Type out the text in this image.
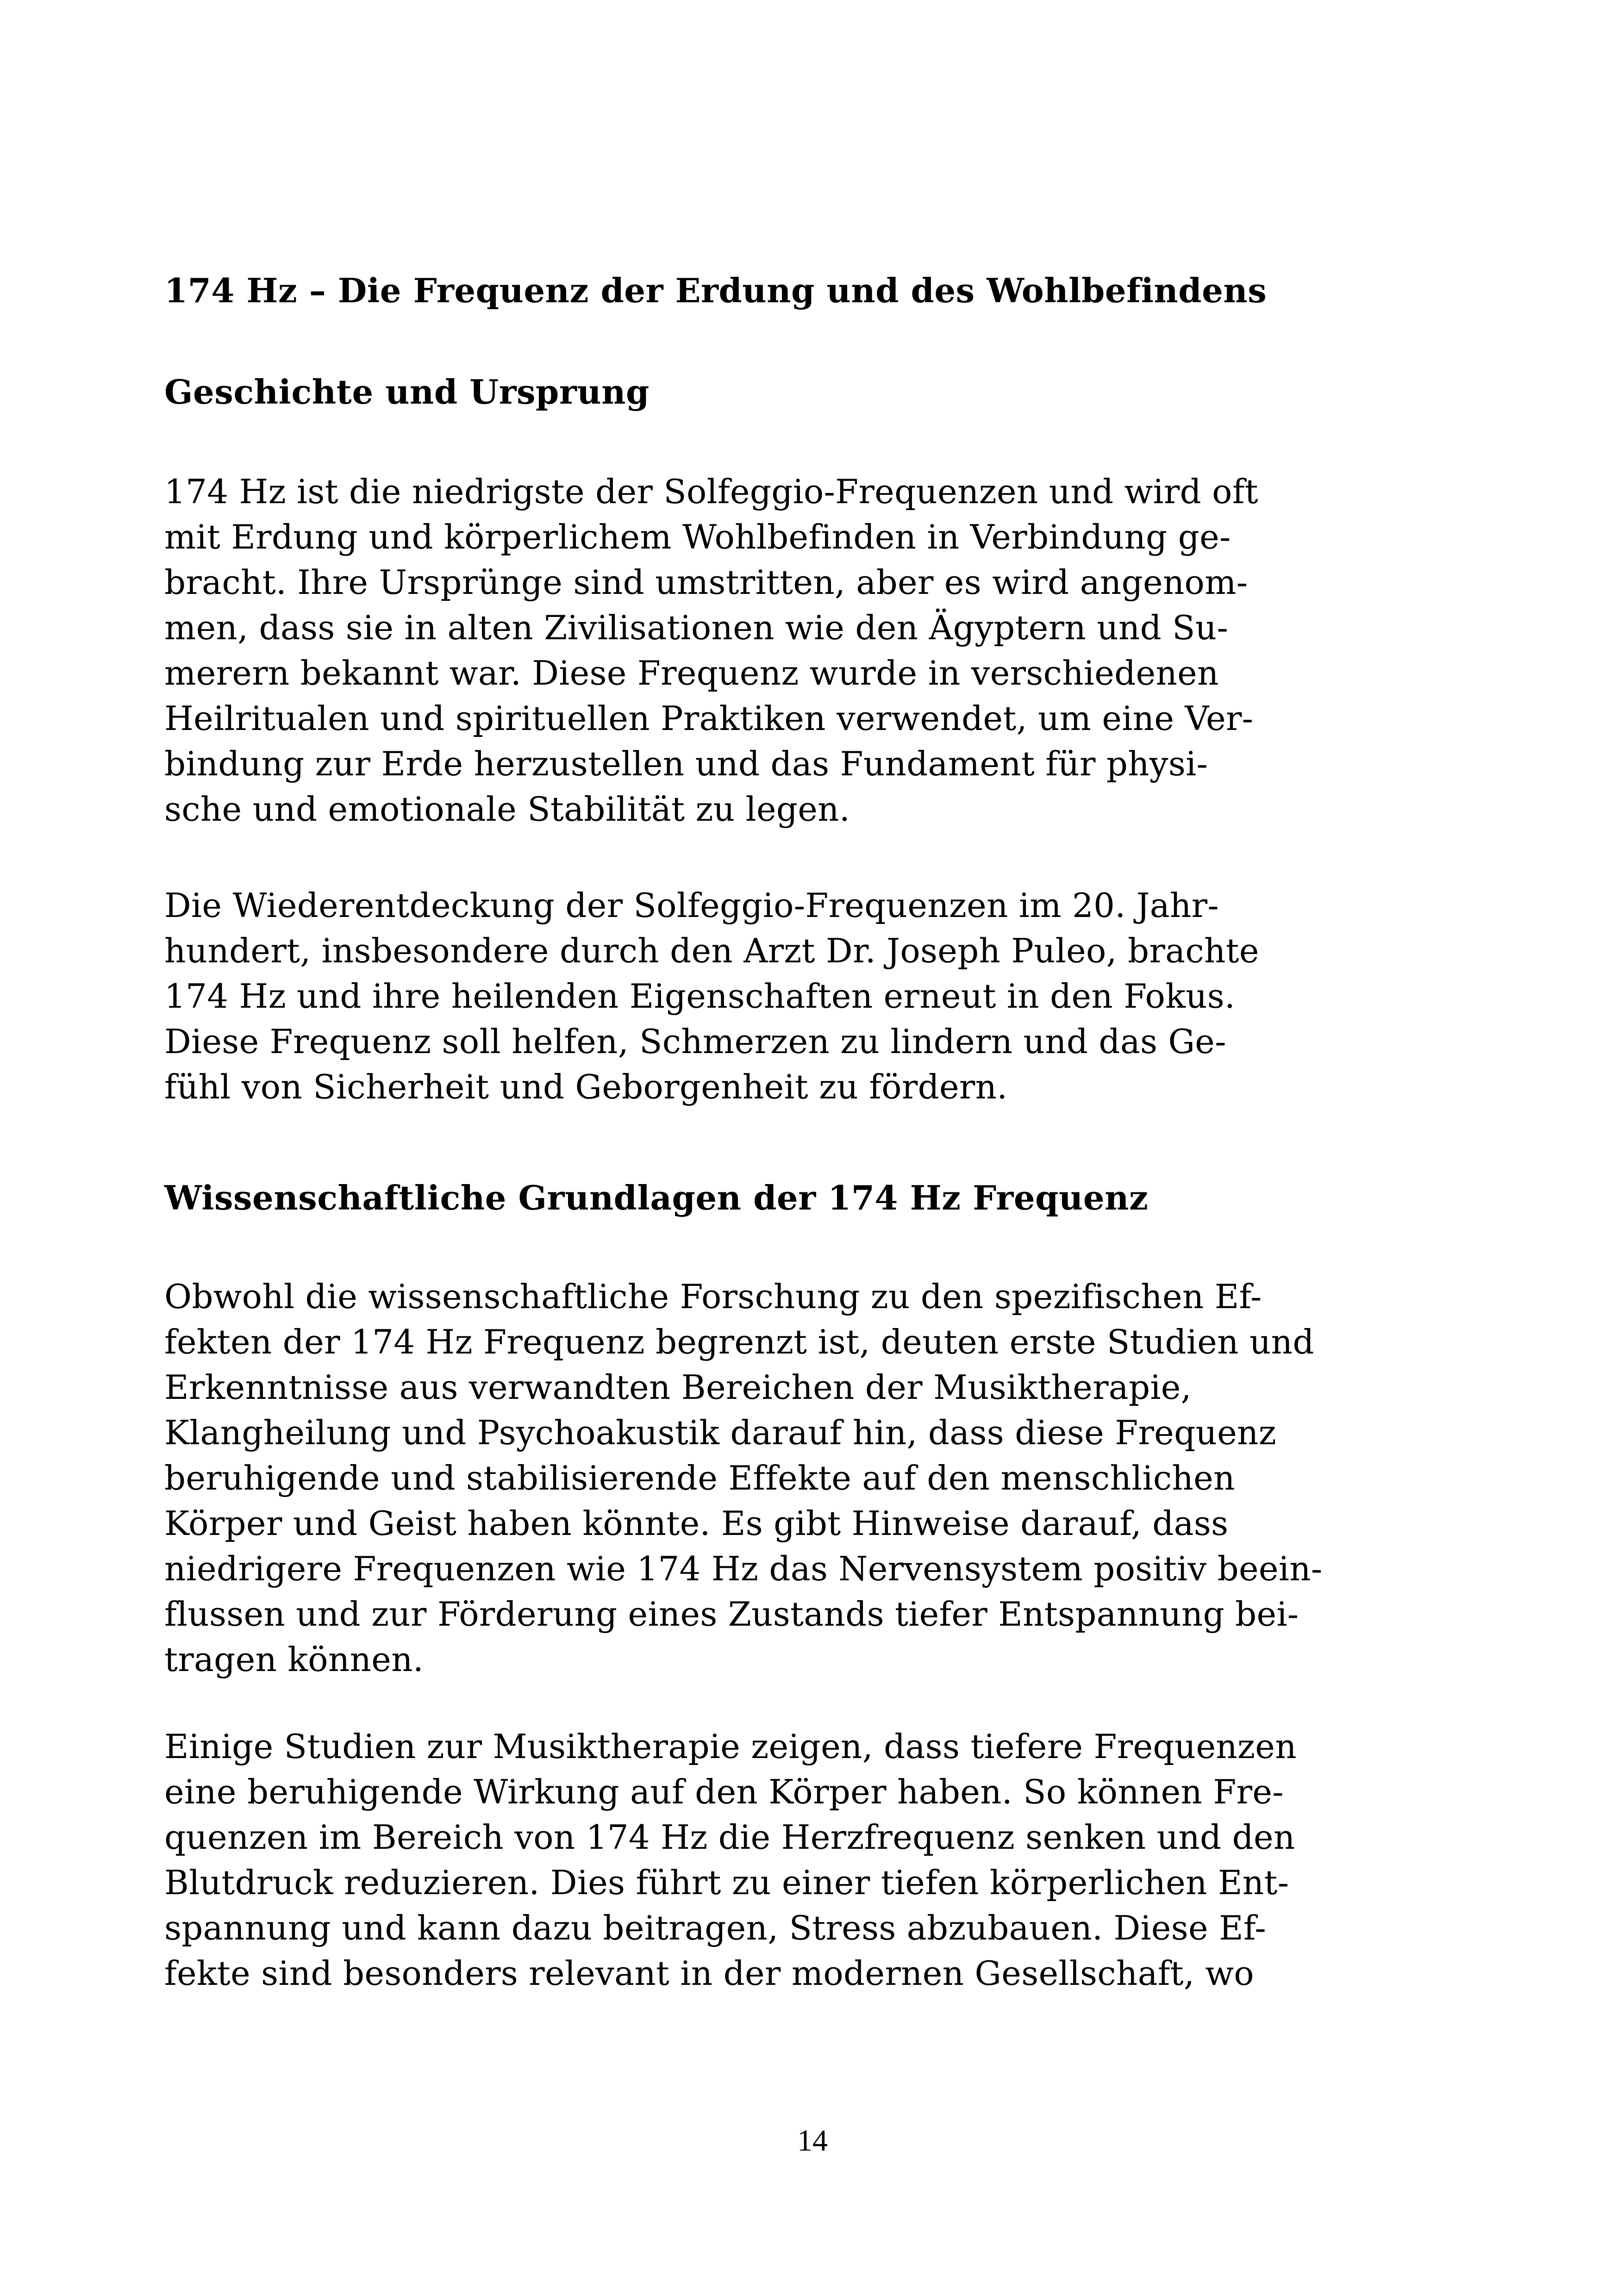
174 Hz – Die Frequenz der Erdung und des Wohlbefindens
Geschichte und Ursprung

174 Hz ist die niedrigste der Solfeggio-Frequenzen und wird oft
mit Erdung und körperlichem Wohlbefinden in Verbindung ge-
bracht. Ihre Ursprünge sind umstritten, aber es wird angenom-
men, dass sie in alten Zivilisationen wie den Ägyptern und Su-
merern bekannt war. Diese Frequenz wurde in verschiedenen
Heilritualen und spirituellen Praktiken verwendet, um eine Ver-
bindung zur Erde herzustellen und das Fundament für physi-
sche und emotionale Stabilität zu legen.

Die Wiederentdeckung der Solfeggio-Frequenzen im 20. Jahr-
hundert, insbesondere durch den Arzt Dr. Joseph Puleo, brachte
174 Hz und ihre heilenden Eigenschaften erneut in den Fokus.
Diese Frequenz soll helfen, Schmerzen zu lindern und das Ge-
fühl von Sicherheit und Geborgenheit zu fördern.

Wissenschaftliche Grundlagen der 174 Hz Frequenz

Obwohl die wissenschaftliche Forschung zu den spezifischen Ef-
fekten der 174 Hz Frequenz begrenzt ist, deuten erste Studien und
Erkenntnisse aus verwandten Bereichen der Musiktherapie,
Klangheilung und Psychoakustik darauf hin, dass diese Frequenz
beruhigende und stabilisierende Effekte auf den menschlichen
Körper und Geist haben könnte. Es gibt Hinweise darauf, dass
niedrigere Frequenzen wie 174 Hz das Nervensystem positiv beein-
flussen und zur Förderung eines Zustands tiefer Entspannung bei-
tragen können.

Einige Studien zur Musiktherapie zeigen, dass tiefere Frequenzen
eine beruhigende Wirkung auf den Körper haben. So können Fre-
quenzen im Bereich von 174 Hz die Herzfrequenz senken und den
Blutdruck reduzieren. Dies führt zu einer tiefen körperlichen Ent-
spannung und kann dazu beitragen, Stress abzubauen. Diese Ef-
fekte sind besonders relevant in der modernen Gesellschaft, wo

14
